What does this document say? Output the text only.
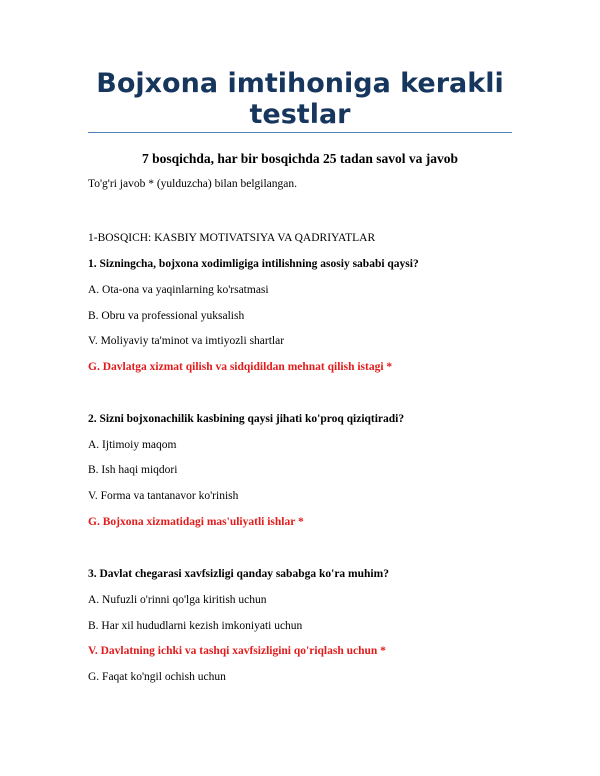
Bojxona imtihoniga kerakli testlar

7 bosqichda, har bir bosqichda 25 tadan savol va javob

To'g'ri javob * (yulduzcha) bilan belgilangan.

1-BOSQICH: KASBIY MOTIVATSIYA VA QADRIYATLAR

1. Sizningcha, bojxona xodimligiga intilishning asosiy sababi qaysi?

A. Ota-ona va yaqinlarning ko'rsatmasi

B. Obru va professional yuksalish

V. Moliyaviy ta'minot va imtiyozli shartlar

G. Davlatga xizmat qilish va sidqidildan mehnat qilish istagi *

2. Sizni bojxonachilik kasbining qaysi jihati ko'proq qiziqtiradi?

A. Ijtimoiy maqom

B. Ish haqi miqdori

V. Forma va tantanavor ko'rinish

G. Bojxona xizmatidagi mas'uliyatli ishlar *

3. Davlat chegarasi xavfsizligi qanday sababga ko'ra muhim?

A. Nufuzli o'rinni qo'lga kiritish uchun

B. Har xil hududlarni kezish imkoniyati uchun

V. Davlatning ichki va tashqi xavfsizligini qo'riqlash uchun *

G. Faqat ko'ngil ochish uchun
